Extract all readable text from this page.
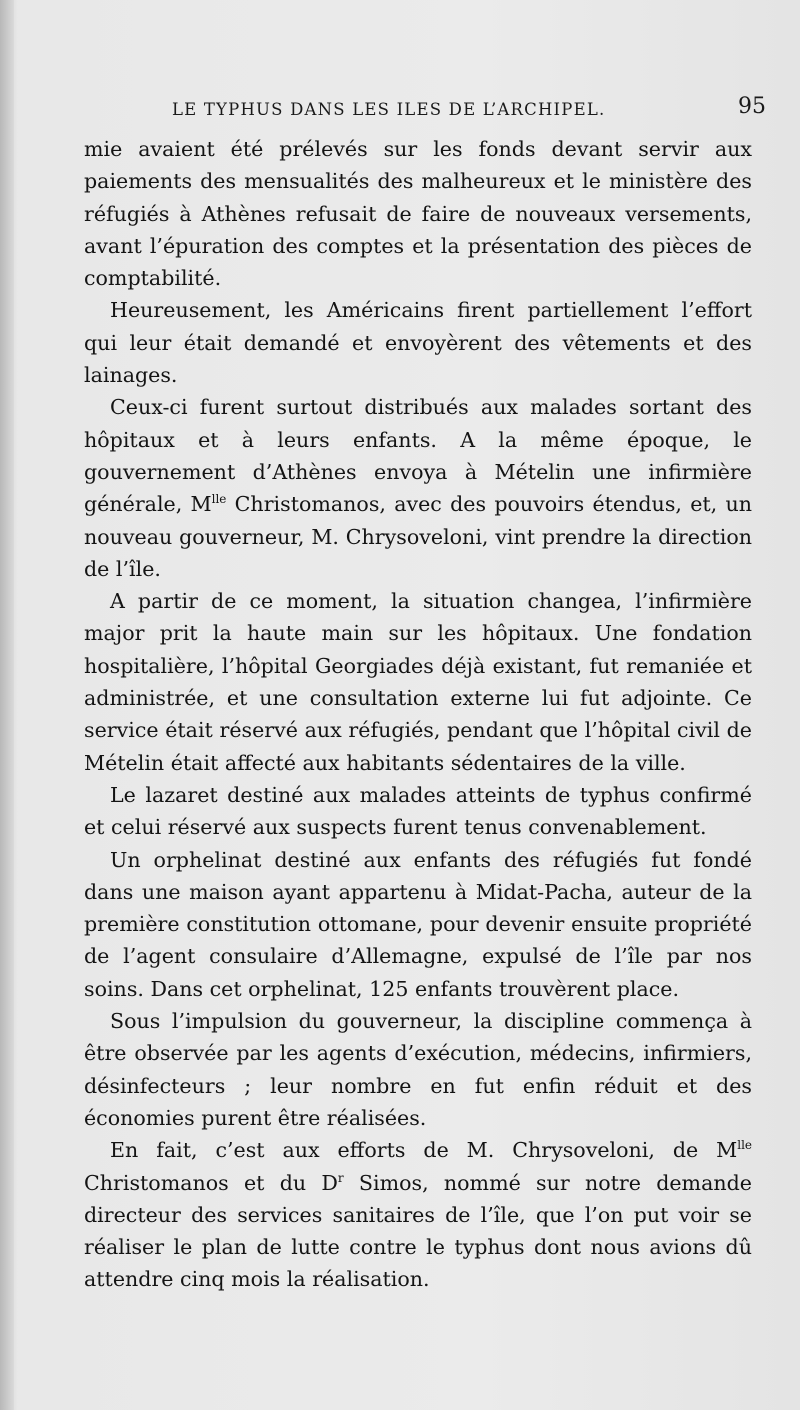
LE TYPHUS DANS LES ILES DE L’ARCHIPEL.	95

mie avaient été prélevés sur les fonds devant servir aux paiements des mensualités des malheureux et le ministère des réfugiés à Athènes refusait de faire de nouveaux versements, avant l’épuration des comptes et la présentation des pièces de comptabilité.

Heureusement, les Américains firent partiellement l’effort qui leur était demandé et envoyèrent des vêtements et des lainages.

Ceux-ci furent surtout distribués aux malades sortant des hôpitaux et à leurs enfants. A la même époque, le gouvernement d’Athènes envoya à Mételin une infirmière générale, $M^{lle}$ Christomanos, avec des pouvoirs étendus, et, un nouveau gouverneur, M. Chrysoveloni, vint prendre la direction de l’île.

A partir de ce moment, la situation changea, l’infirmière major prit la haute main sur les hôpitaux. Une fondation hospitalière, l’hôpital Georgiades déjà existant, fut remaniée et administrée, et une consultation externe lui fut adjointe. Ce service était réservé aux réfugiés, pendant que l’hôpital civil de Mételin était affecté aux habitants sédentaires de la ville.

Le lazaret destiné aux malades atteints de typhus confirmé et celui réservé aux suspects furent tenus convenablement.

Un orphelinat destiné aux enfants des réfugiés fut fondé dans une maison ayant appartenu à Midat-Pacha, auteur de la première constitution ottomane, pour devenir ensuite propriété de l’agent consulaire d’Allemagne, expulsé de l’île par nos soins. Dans cet orphelinat, 125 enfants trouvèrent place.

Sous l’impulsion du gouverneur, la discipline commença à être observée par les agents d’exécution, médecins, infirmiers, désinfecteurs ; leur nombre en fut enfin réduit et des économies purent être réalisées.

En fait, c’est aux efforts de M. Chrysoveloni, de $M^{lle}$ Christomanos et du $D^r$ Simos, nommé sur notre demande directeur des services sanitaires de l’île, que l’on put voir se réaliser le plan de lutte contre le typhus dont nous avions dû attendre cinq mois la réalisation.
